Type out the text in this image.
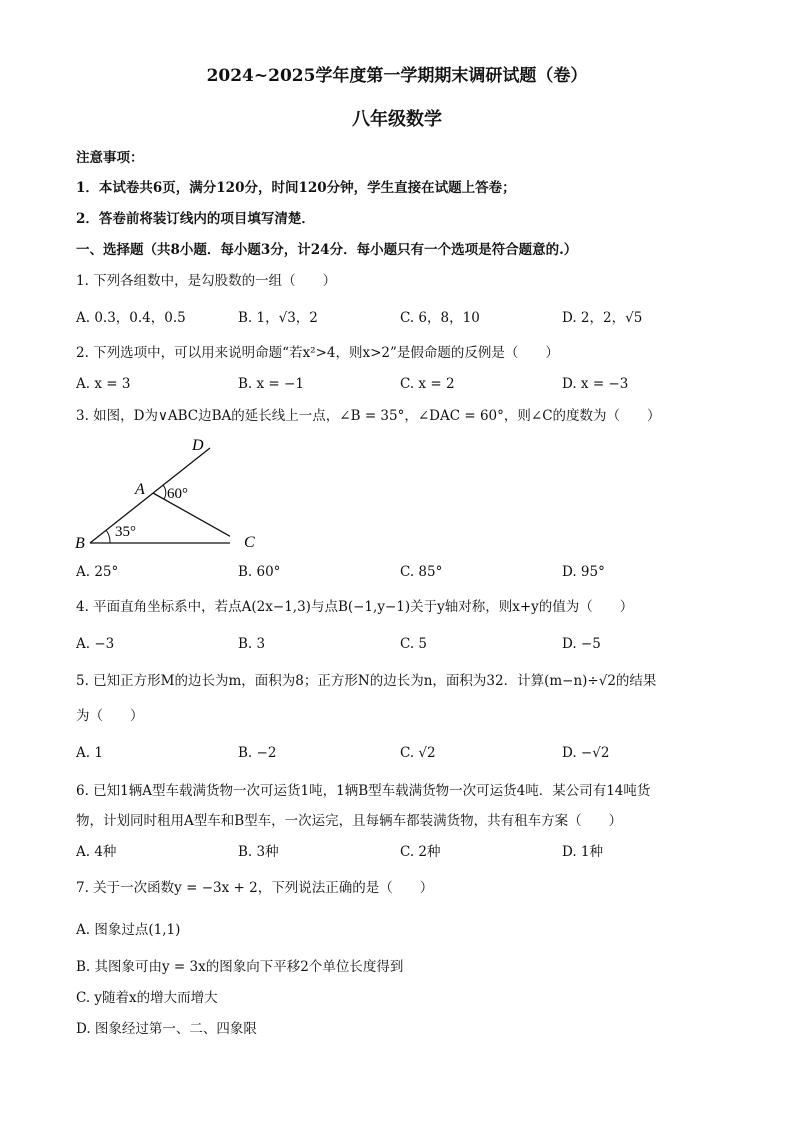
2024~2025学年度第一学期期末调研试题（卷）
八年级数学
注意事项：
1．本试卷共6页，满分120分，时间120分钟，学生直接在试题上答卷；
2．答卷前将装订线内的项目填写清楚．
一、选择题（共8小题．每小题3分，计24分．每小题只有一个选项是符合题意的.）
1. 下列各组数中，是勾股数的一组（　　）
A. 0.3，0.4，0.5	B. 1，√3，2	C. 6，8，10	D. 2，2，√5
2. 下列选项中，可以用来说明命题“若x²>4，则x>2”是假命题的反例是（　　）
A. x = 3	B. x = −1	C. x = 2	D. x = −3
3. 如图，D为∨ABC边BA的延长线上一点，∠B = 35°，∠DAC = 60°，则∠C的度数为（　　）
D
A
B
60°
35°
C
A. 25°	B. 60°	C. 85°	D. 95°
4. 平面直角坐标系中，若点A(2x−1,3)与点B(−1,y−1)关于y轴对称，则x+y的值为（　　）
A. −3	B. 3	C. 5	D. −5
5. 已知正方形M的边长为m，面积为8；正方形N的边长为n，面积为32．计算(m−n)÷√2的结果
为（　　）
A. 1	B. −2	C. √2	D. −√2
6. 已知1辆A型车载满货物一次可运货1吨，1辆B型车载满货物一次可运货4吨．某公司有14吨货
物，计划同时租用A型车和B型车，一次运完，且每辆车都装满货物，共有租车方案（　　）
A. 4种	B. 3种	C. 2种	D. 1种
7. 关于一次函数y = −3x + 2，下列说法正确的是（　　）
A. 图象过点(1,1)
B. 其图象可由y = 3x的图象向下平移2个单位长度得到
C. y随着x的增大而增大
D. 图象经过第一、二、四象限
